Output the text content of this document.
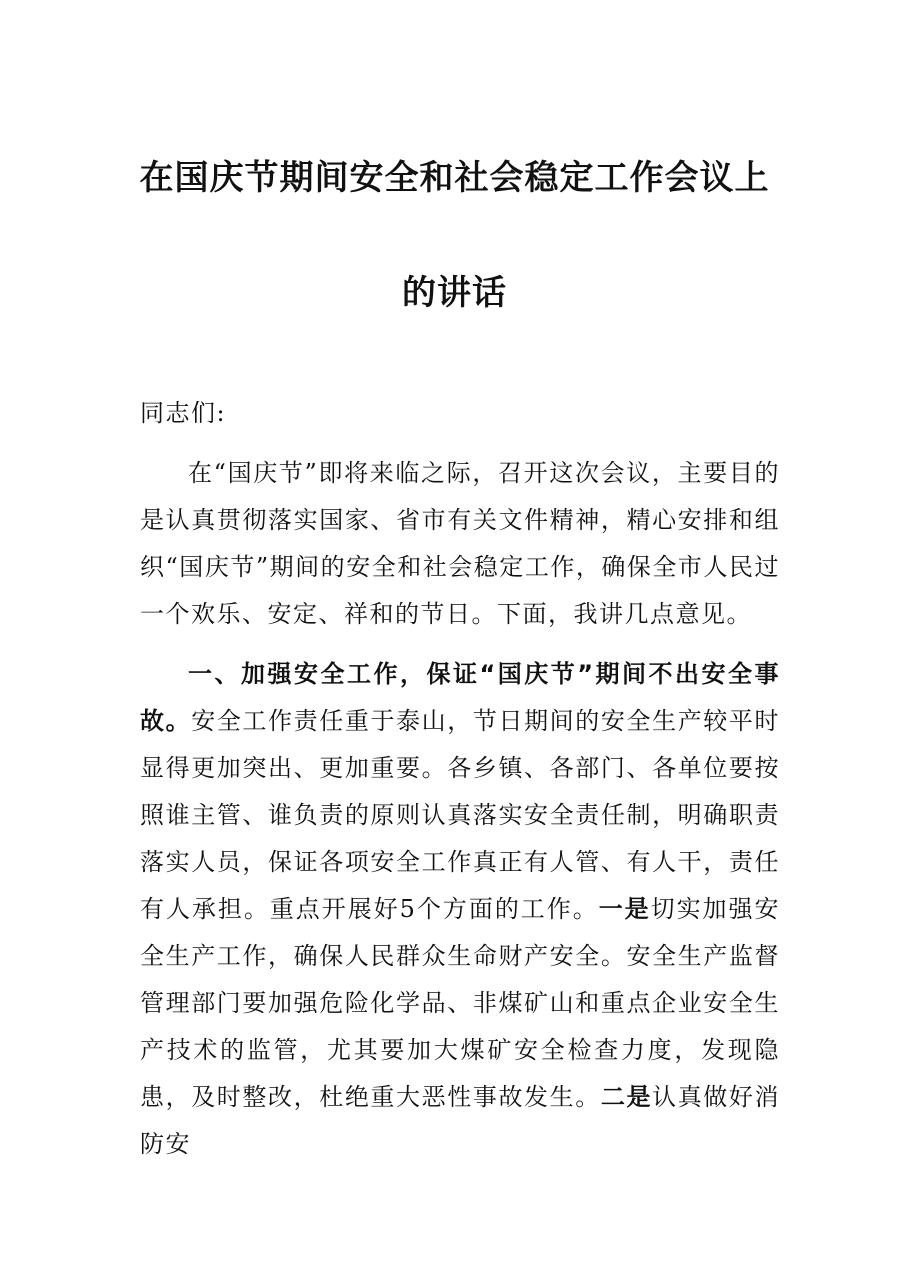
在国庆节期间安全和社会稳定工作会议上
的讲话

同志们:

在“国庆节”即将来临之际，召开这次会议，主要目的是认真贯彻落实国家、省市有关文件精神，精心安排和组织“国庆节”期间的安全和社会稳定工作，确保全市人民过一个欢乐、安定、祥和的节日。下面，我讲几点意见。

一、加强安全工作，保证“国庆节”期间不出安全事故。安全工作责任重于泰山，节日期间的安全生产较平时显得更加突出、更加重要。各乡镇、各部门、各单位要按照谁主管、谁负责的原则认真落实安全责任制，明确职责落实人员，保证各项安全工作真正有人管、有人干，责任有人承担。重点开展好5个方面的工作。一是切实加强安全生产工作，确保人民群众生命财产安全。安全生产监督管理部门要加强危险化学品、非煤矿山和重点企业安全生产技术的监管，尤其要加大煤矿安全检查力度，发现隐患，及时整改，杜绝重大恶性事故发生。二是认真做好消防安
